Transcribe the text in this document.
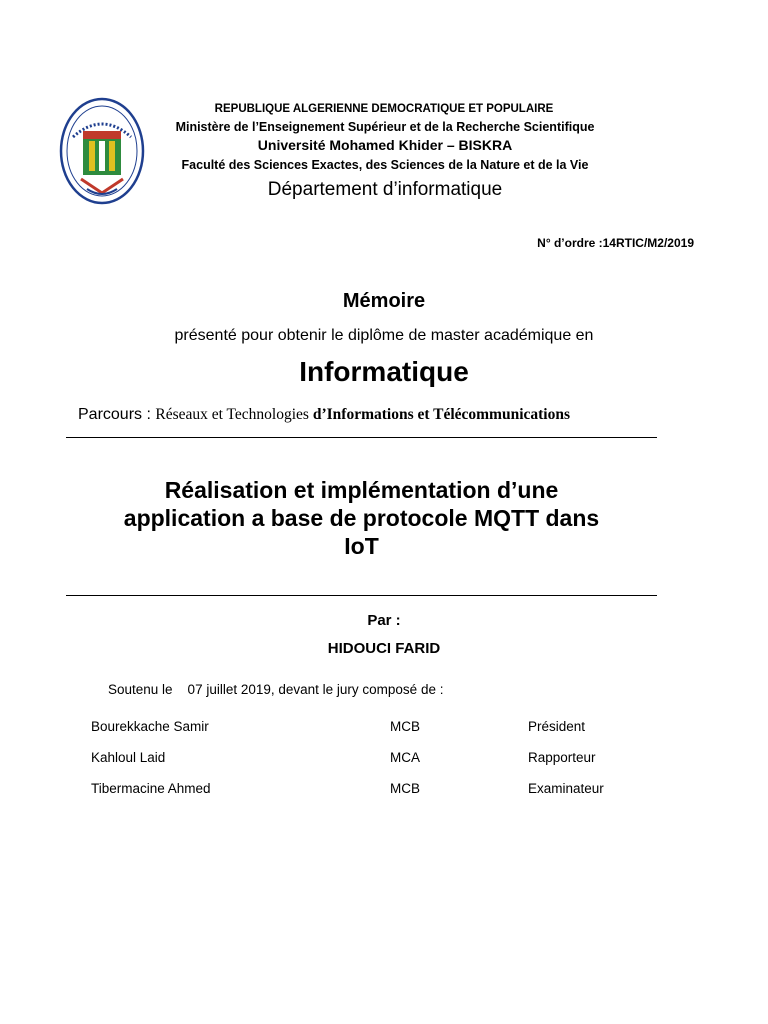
REPUBLIQUE ALGERIENNE DEMOCRATIQUE ET POPULAIRE
Ministère de l’Enseignement Supérieur et de la Recherche Scientifique
Université Mohamed Khider – BISKRA
Faculté des Sciences Exactes, des Sciences de la Nature et de la Vie
Département d’informatique
N° d’ordre :14RTIC/M2/2019
Mémoire
présenté pour obtenir le diplôme de master académique en
Informatique
Parcours : Réseaux et Technologies d’Informations et Télécommunications
Réalisation et implémentation d’une
application a base de protocole MQTT dans
IoT
Par :
HIDOUCI FARID
Soutenu le    07 juillet 2019, devant le jury composé de :
Bourekkache Samir	MCB	Président
Kahloul Laid	MCA	Rapporteur
Tibermacine Ahmed	MCB	Examinateur
